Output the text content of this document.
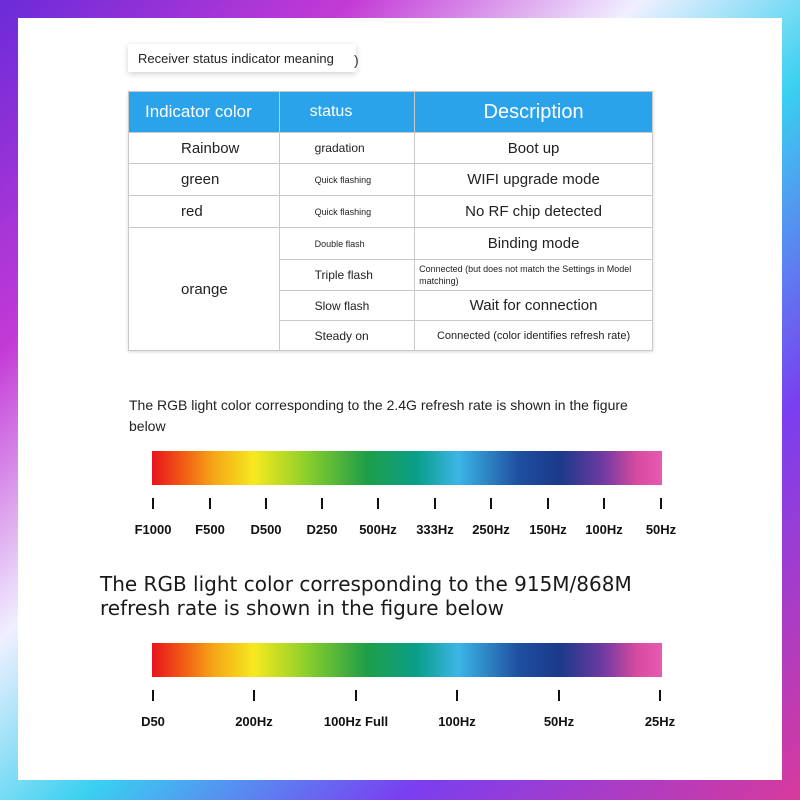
Receiver status indicator meaning	)
Indicator color	status	Description
Rainbow	gradation	Boot up
green	Quick flashing	WIFI upgrade mode
red	Quick flashing	No RF chip detected
orange	Double flash	Binding mode
	Triple flash	Connected (but does not match the Settings in Model matching)
	Slow flash	Wait for connection
	Steady on	Connected (color identifies refresh rate)
The RGB light color corresponding to the 2.4G refresh rate is shown in the figure below
F1000	F500	D500	D250	500Hz	333Hz	250Hz	150Hz	100Hz	50Hz
The RGB light color corresponding to the 915M/868M refresh rate is shown in the figure below
D50	200Hz	100Hz Full	100Hz	50Hz	25Hz
